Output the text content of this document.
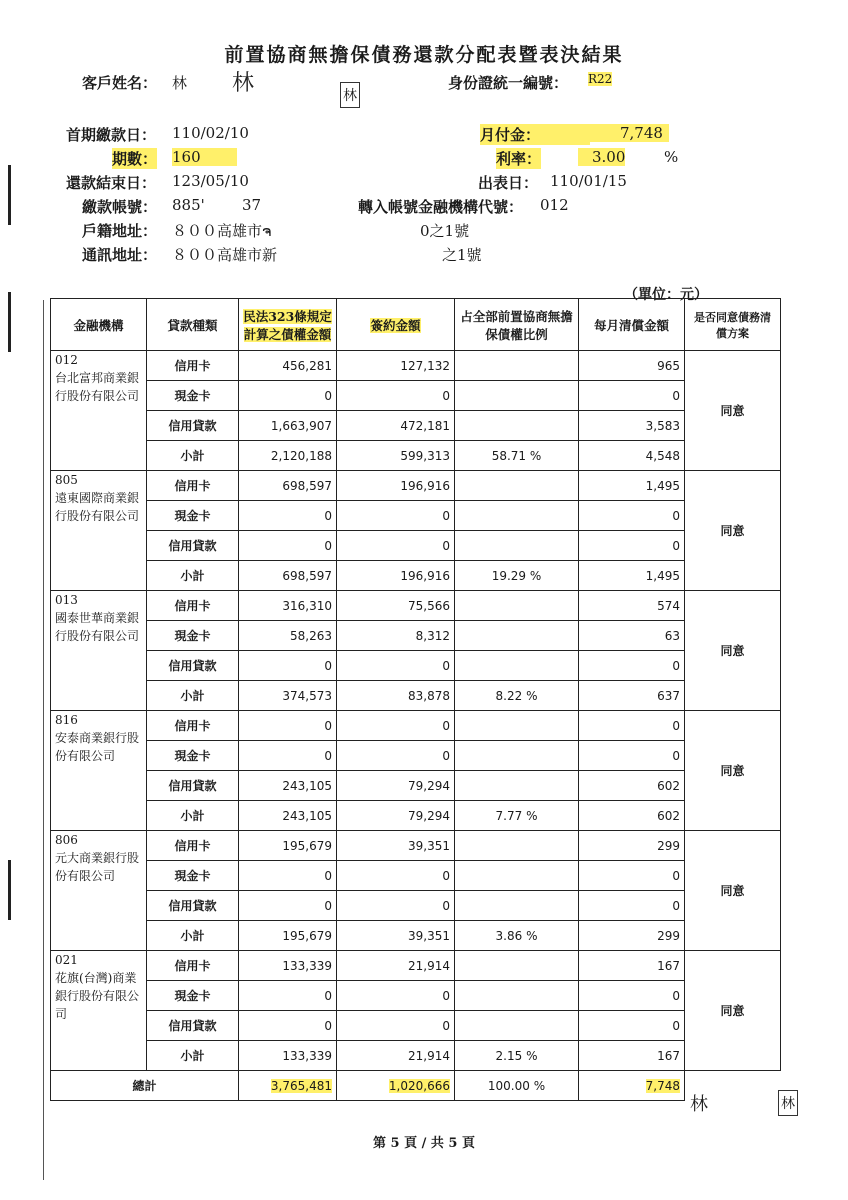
前置協商無擔保債務還款分配表暨表決結果
客戶姓名： 林 林	林
身份證統一編號： R22
首期繳款日： 110/02/10	月付金：	7,748
期數： 160	利率：	3.00	%
還款結束日： 123/05/10	出表日： 110/01/15
繳款帳號： 885' 37	轉入帳號金融機構代號： 012
戶籍地址： ８００高雄市ຈ	0之1號
通訊地址： ８００高雄市新	之1號
（單位：元）
金融機構	貸款種類	民法323條規定計算之債權金額	簽約金額	占全部前置協商無擔保債權比例	每月清償金額	是否同意債務清償方案

012
台北富邦商業銀行股份有限公司	信用卡	456,281	127,132		965	同意
	現金卡	0	0		0	
	信用貸款	1,663,907	472,181		3,583	
	小計	2,120,188	599,313	58.71 %	4,548	

805
遠東國際商業銀行股份有限公司	信用卡	698,597	196,916		1,495	同意
	現金卡	0	0		0	
	信用貸款	0	0		0	
	小計	698,597	196,916	19.29 %	1,495	

013
國泰世華商業銀行股份有限公司	信用卡	316,310	75,566		574	同意
	現金卡	58,263	8,312		63	
	信用貸款	0	0		0	
	小計	374,573	83,878	8.22 %	637	

816
安泰商業銀行股份有限公司	信用卡	0	0		0	同意
	現金卡	0	0		0	
	信用貸款	243,105	79,294		602	
	小計	243,105	79,294	7.77 %	602	

806
元大商業銀行股份有限公司	信用卡	195,679	39,351		299	同意
	現金卡	0	0		0	
	信用貸款	0	0		0	
	小計	195,679	39,351	3.86 %	299	

021
花旗(台灣)商業銀行股份有限公司	信用卡	133,339	21,914		167	同意
	現金卡	0	0		0	
	信用貸款	0	0		0	
	小計	133,339	21,914	2.15 %	167	
總計		3,765,481	1,020,666	100.00 %	7,748	
林	林
第 5 頁 / 共 5 頁
